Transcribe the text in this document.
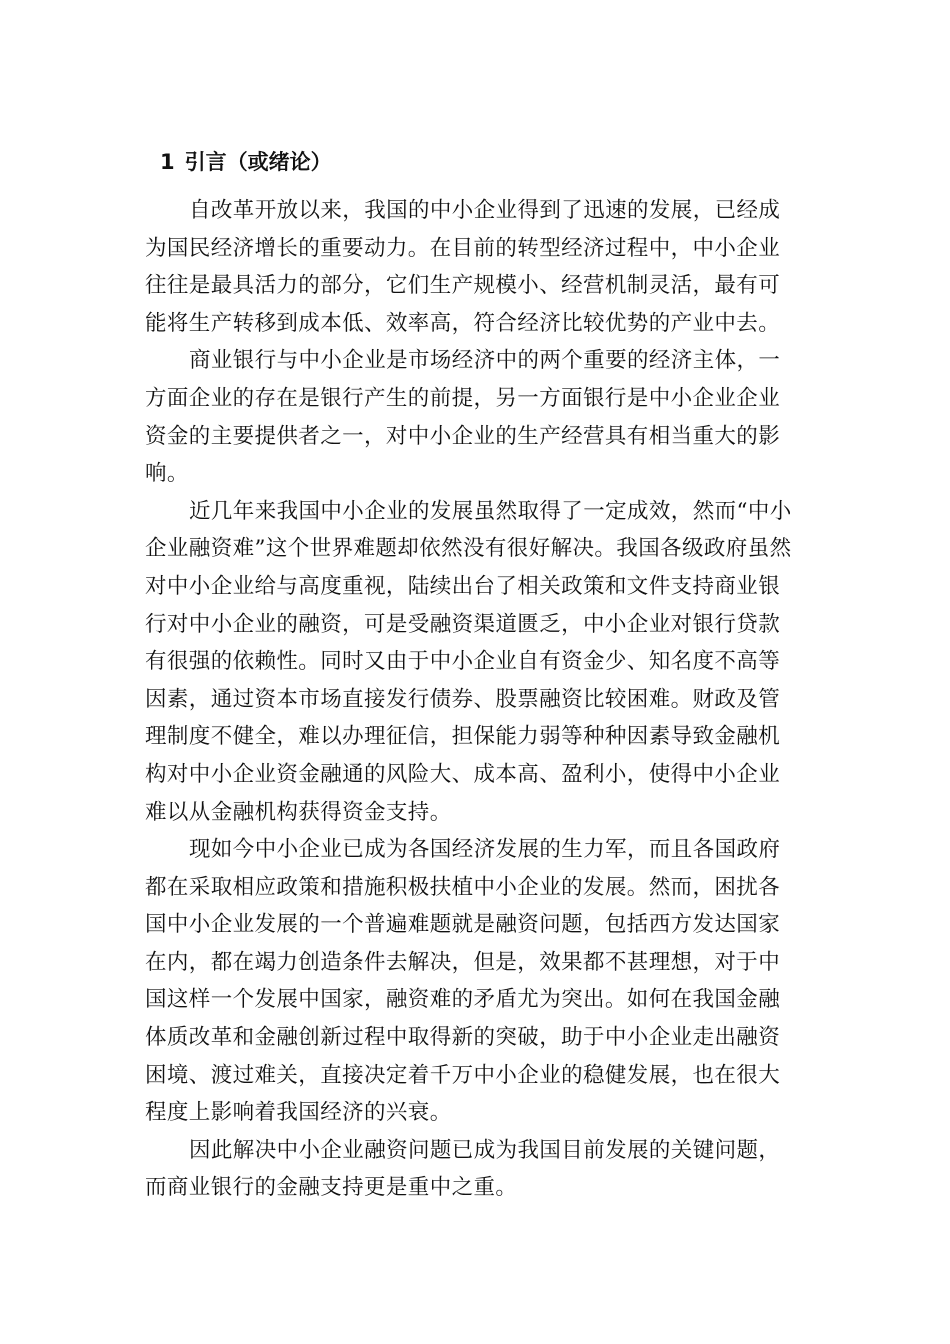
1 引言（或绪论）
自改革开放以来，我国的中小企业得到了迅速的发展，已经成
为国民经济增长的重要动力。在目前的转型经济过程中，中小企业
往往是最具活力的部分，它们生产规模小、经营机制灵活，最有可
能将生产转移到成本低、效率高，符合经济比较优势的产业中去。
商业银行与中小企业是市场经济中的两个重要的经济主体，一
方面企业的存在是银行产生的前提，另一方面银行是中小企业企业
资金的主要提供者之一，对中小企业的生产经营具有相当重大的影
响。
近几年来我国中小企业的发展虽然取得了一定成效，然而“中小
企业融资难”这个世界难题却依然没有很好解决。我国各级政府虽然
对中小企业给与高度重视，陆续出台了相关政策和文件支持商业银
行对中小企业的融资，可是受融资渠道匮乏，中小企业对银行贷款
有很强的依赖性。同时又由于中小企业自有资金少、知名度不高等
因素，通过资本市场直接发行债券、股票融资比较困难。财政及管
理制度不健全，难以办理征信，担保能力弱等种种因素导致金融机
构对中小企业资金融通的风险大、成本高、盈利小，使得中小企业
难以从金融机构获得资金支持。
现如今中小企业已成为各国经济发展的生力军，而且各国政府
都在采取相应政策和措施积极扶植中小企业的发展。然而，困扰各
国中小企业发展的一个普遍难题就是融资问题，包括西方发达国家
在内，都在竭力创造条件去解决，但是，效果都不甚理想，对于中
国这样一个发展中国家，融资难的矛盾尤为突出。如何在我国金融
体质改革和金融创新过程中取得新的突破，助于中小企业走出融资
困境、渡过难关，直接决定着千万中小企业的稳健发展，也在很大
程度上影响着我国经济的兴衰。
因此解决中小企业融资问题已成为我国目前发展的关键问题，
而商业银行的金融支持更是重中之重。
